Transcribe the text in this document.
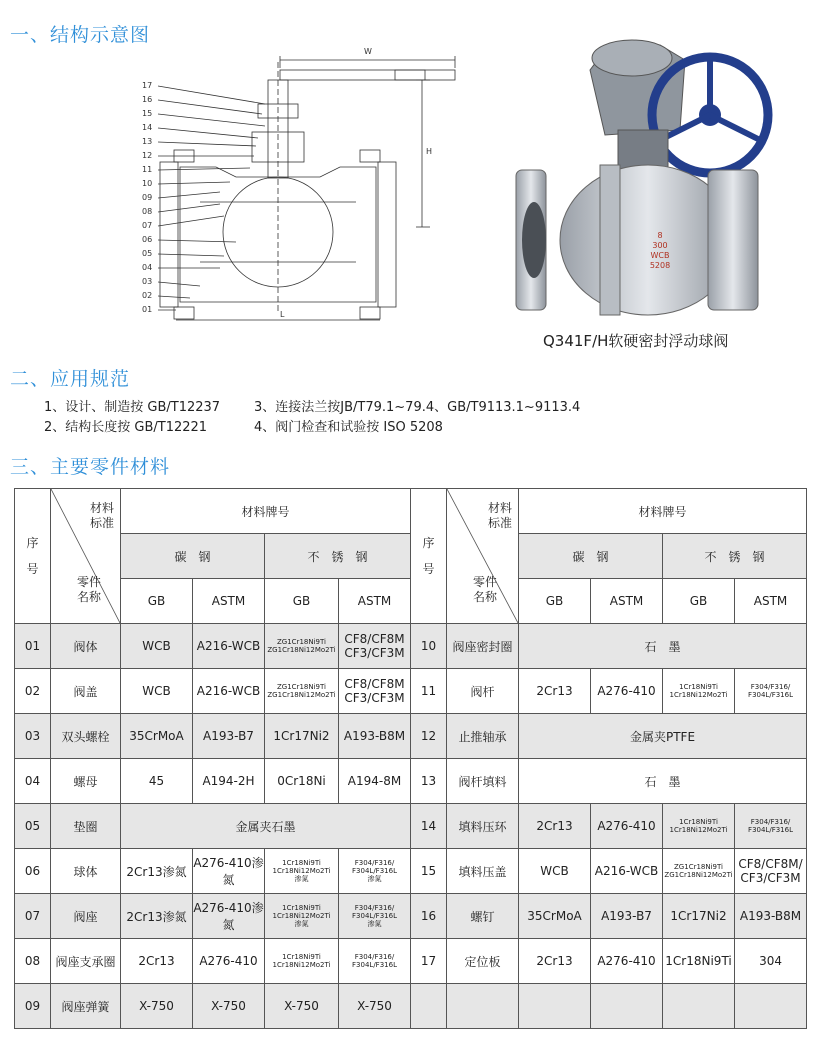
一、结构示意图
17
16
15
14
13
12
11
10
09
08
07
06
05
04
03
02
01
W
H
L
8
300
WCB
5208
Q341F/H软硬密封浮动球阀
二、应用规范
1、设计、制造按 GB/T12237
2、结构长度按 GB/T12221
3、连接法兰按JB/T79.1~79.4、GB/T9113.1~9113.4
4、阀门检查和试验按 ISO 5208
三、主要零件材料
序
号	材料
标准
零件
名称	材料牌号				序
号	材料
标准
零件
名称	材料牌号			
		碳　钢		不　锈　钢				碳　钢		不　锈　钢	
		GB	ASTM	GB	ASTM			GB	ASTM	GB	ASTM
01	阀体	WCB	A216-WCB	ZG1Cr18Ni9Ti
ZG1Cr18Ni12Mo2Ti	CF8/CF8M
CF3/CF3M	10	阀座密封圈	石　墨			
02	阀盖	WCB	A216-WCB	ZG1Cr18Ni9Ti
ZG1Cr18Ni12Mo2Ti	CF8/CF8M
CF3/CF3M	11	阀杆	2Cr13	A276-410	1Cr18Ni9Ti
1Cr18Ni12Mo2Ti	F304/F316/
F304L/F316L
03	双头螺栓	35CrMoA	A193-B7	1Cr17Ni2	A193-B8M	12	止推轴承	金属夹PTFE			
04	螺母	45	A194-2H	0Cr18Ni	A194-8M	13	阀杆填料	石　墨			
05	垫圈	金属夹石墨				14	填料压环	2Cr13	A276-410	1Cr18Ni9Ti
1Cr18Ni12Mo2Ti	F304/F316/
F304L/F316L
06	球体	2Cr13渗氮	A276-410渗氮	1Cr18Ni9Ti
1Cr18Ni12Mo2Ti
渗氮	F304/F316/
F304L/F316L
渗氮	15	填料压盖	WCB	A216-WCB	ZG1Cr18Ni9Ti
ZG1Cr18Ni12Mo2Ti	CF8/CF8M/
CF3/CF3M
07	阀座	2Cr13渗氮	A276-410渗氮	1Cr18Ni9Ti
1Cr18Ni12Mo2Ti
渗氮	F304/F316/
F304L/F316L
渗氮	16	螺钉	35CrMoA	A193-B7	1Cr17Ni2	A193-B8M
08	阀座支承圈	2Cr13	A276-410	1Cr18Ni9Ti
1Cr18Ni12Mo2Ti	F304/F316/
F304L/F316L	17	定位板	2Cr13	A276-410	1Cr18Ni9Ti	304
09	阀座弹簧	X-750	X-750	X-750	X-750						
